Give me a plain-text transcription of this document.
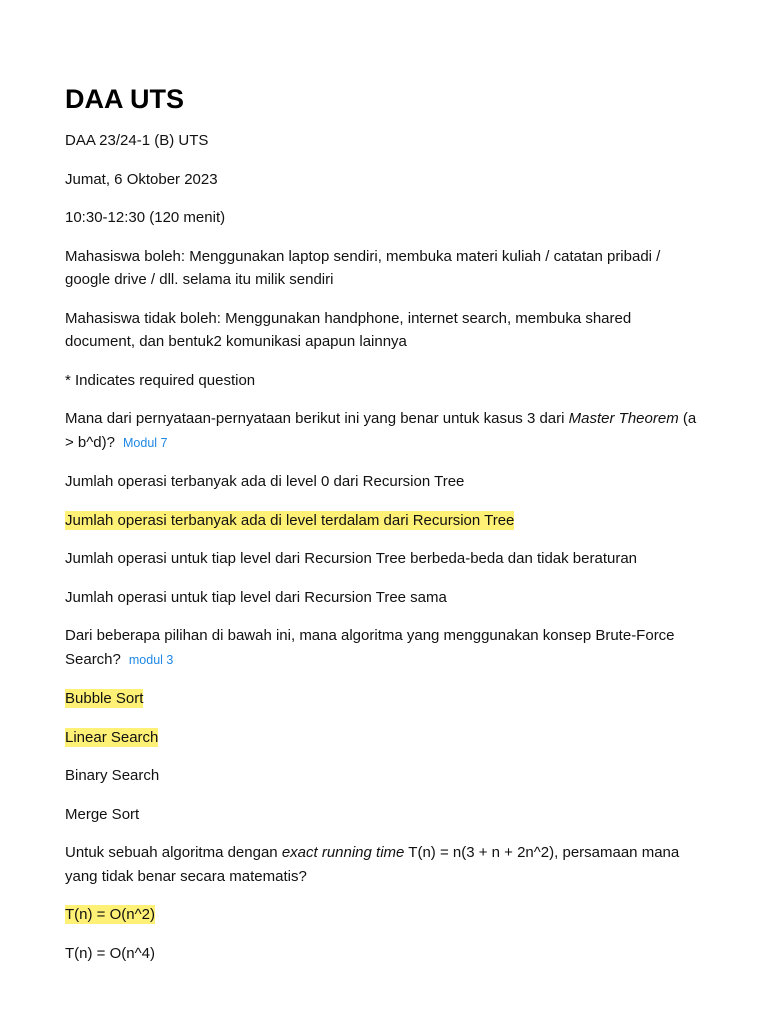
DAA UTS

DAA 23/24-1 (B) UTS

Jumat, 6 Oktober 2023

10:30-12:30 (120 menit)

Mahasiswa boleh: Menggunakan laptop sendiri, membuka materi kuliah / catatan pribadi / google drive / dll. selama itu milik sendiri

Mahasiswa tidak boleh: Menggunakan handphone, internet search, membuka shared document, dan bentuk2 komunikasi apapun lainnya

* Indicates required question

Mana dari pernyataan-pernyataan berikut ini yang benar untuk kasus 3 dari Master Theorem (a > b^d)? Modul 7

Jumlah operasi terbanyak ada di level 0 dari Recursion Tree

Jumlah operasi terbanyak ada di level terdalam dari Recursion Tree

Jumlah operasi untuk tiap level dari Recursion Tree berbeda-beda dan tidak beraturan

Jumlah operasi untuk tiap level dari Recursion Tree sama

Dari beberapa pilihan di bawah ini, mana algoritma yang menggunakan konsep Brute-Force Search? modul 3

Bubble Sort

Linear Search

Binary Search

Merge Sort

Untuk sebuah algoritma dengan exact running time T(n) = n(3 + n + 2n^2), persamaan mana yang tidak benar secara matematis?

T(n) = O(n^2)

T(n) = O(n^4)
